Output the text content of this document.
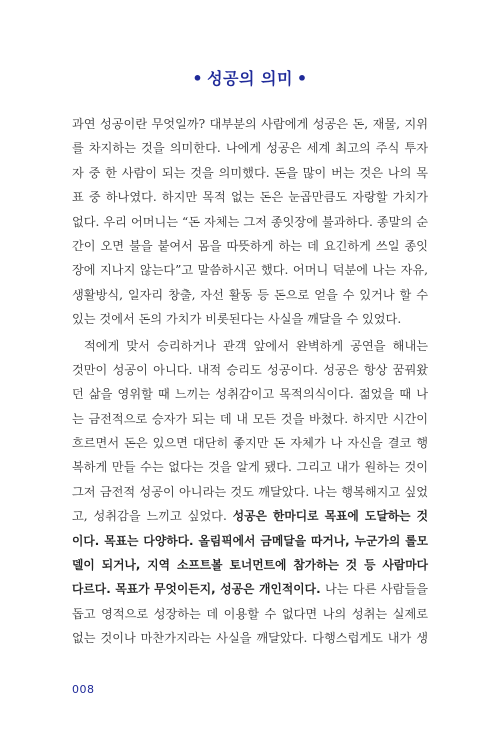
• 성공의 의미 •
과연 성공이란 무엇일까? 대부분의 사람에게 성공은 돈, 재물, 지위
를 차지하는 것을 의미한다. 나에게 성공은 세계 최고의 주식 투자
자 중 한 사람이 되는 것을 의미했다. 돈을 많이 버는 것은 나의 목
표 중 하나였다. 하지만 목적 없는 돈은 눈곱만큼도 자랑할 가치가
없다. 우리 어머니는 “돈 자체는 그저 종잇장에 불과하다. 종말의 순
간이 오면 불을 붙여서 몸을 따뜻하게 하는 데 요긴하게 쓰일 종잇
장에 지나지 않는다”고 말씀하시곤 했다. 어머니 덕분에 나는 자유,
생활방식, 일자리 창출, 자선 활동 등 돈으로 얻을 수 있거나 할 수
있는 것에서 돈의 가치가 비롯된다는 사실을 깨달을 수 있었다.
적에게 맞서 승리하거나 관객 앞에서 완벽하게 공연을 해내는
것만이 성공이 아니다. 내적 승리도 성공이다. 성공은 항상 꿈꿔왔
던 삶을 영위할 때 느끼는 성취감이고 목적의식이다. 젊었을 때 나
는 금전적으로 승자가 되는 데 내 모든 것을 바쳤다. 하지만 시간이
흐르면서 돈은 있으면 대단히 좋지만 돈 자체가 나 자신을 결코 행
복하게 만들 수는 없다는 것을 알게 됐다. 그리고 내가 원하는 것이
그저 금전적 성공이 아니라는 것도 깨달았다. 나는 행복해지고 싶었
고, 성취감을 느끼고 싶었다. 성공은 한마디로 목표에 도달하는 것
이다. 목표는 다양하다. 올림픽에서 금메달을 따거나, 누군가의 롤모
델이 되거나, 지역 소프트볼 토너먼트에 참가하는 것 등 사람마다
다르다. 목표가 무엇이든지, 성공은 개인적이다. 나는 다른 사람들을
돕고 영적으로 성장하는 데 이용할 수 없다면 나의 성취는 실제로
없는 것이나 마찬가지라는 사실을 깨달았다. 다행스럽게도 내가 생
008
